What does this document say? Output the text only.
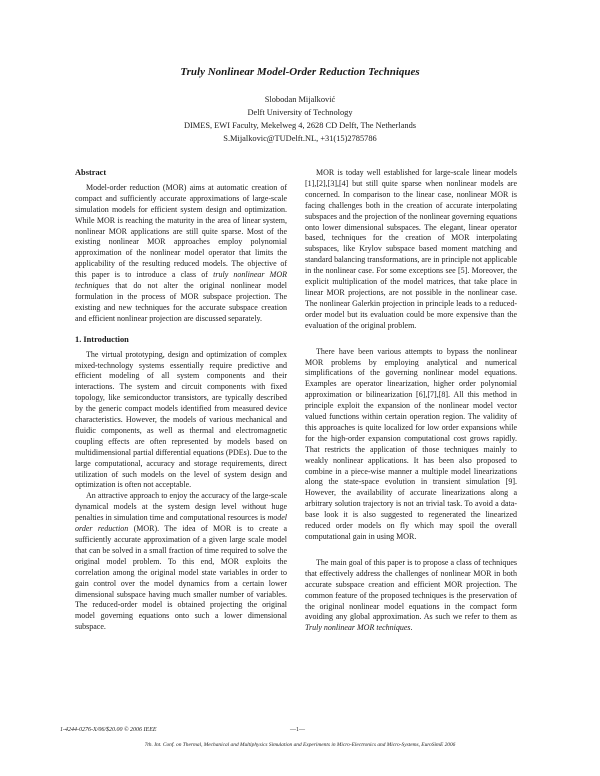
Truly Nonlinear Model-Order Reduction Techniques
Slobodan Mijalković
Delft University of Technology
DIMES, EWI Faculty, Mekelweg 4, 2628 CD Delft, The Netherlands
S.Mijalkovic@TUDelft.NL, +31(15)2785786
Abstract

Model-order reduction (MOR) aims at automatic creation of compact and sufficiently accurate approximations of large-scale simulation models for efficient system design and optimization. While MOR is reaching the maturity in the area of linear system, nonlinear MOR applications are still quite sparse. Most of the existing nonlinear MOR approaches employ polynomial approximation of the nonlinear model operator that limits the applicability of the resulting reduced models. The objective of this paper is to introduce a class of truly nonlinear MOR techniques that do not alter the original nonlinear model formulation in the process of MOR subspace projection. The existing and new techniques for the accurate subspace creation and efficient nonlinear projection are discussed separately.

1. Introduction

The virtual prototyping, design and optimization of complex mixed-technology systems essentially require predictive and efficient modeling of all system components and their interactions. The system and circuit components with fixed topology, like semiconductor transistors, are typically described by the generic compact models identified from measured device characteristics. However, the models of various mechanical and fluidic components, as well as thermal and electromagnetic coupling effects are often represented by models based on multidimensional partial differential equations (PDEs). Due to the large computational, accuracy and storage requirements, direct utilization of such models on the level of system design and optimization is often not acceptable.

An attractive approach to enjoy the accuracy of the large-scale dynamical models at the system design level without huge penalties in simulation time and computational resources is model order reduction (MOR). The idea of MOR is to create a sufficiently accurate approximation of a given large scale model that can be solved in a small fraction of time required to solve the original model problem. To this end, MOR exploits the correlation among the original model state variables in order to gain control over the model dynamics from a certain lower dimensional subspace having much smaller number of variables. The reduced-order model is obtained projecting the original model governing equations onto such a lower dimensional subspace.

MOR is today well established for large-scale linear models [1],[2],[3],[4] but still quite sparse when nonlinear models are concerned. In comparison to the linear case, nonlinear MOR is facing challenges both in the creation of accurate interpolating subspaces and the projection of the nonlinear governing equations onto lower dimensional subspaces. The elegant, linear operator based, techniques for the creation of MOR interpolating subspaces, like Krylov subspace based moment matching and standard balancing transformations, are in principle not applicable in the nonlinear case. For some exceptions see [5]. Moreover, the explicit multiplication of the model matrices, that take place in linear MOR projections, are not possible in the nonlinear case. The nonlinear Galerkin projection in principle leads to a reduced-order model but its evaluation could be more expensive than the evaluation of the original problem.

There have been various attempts to bypass the nonlinear MOR problems by employing analytical and numerical simplifications of the governing nonlinear model equations. Examples are operator linearization, higher order polynomial approximation or bilinearization [6],[7],[8]. All this method in principle exploit the expansion of the nonlinear model vector valued functions within certain operation region. The validity of this approaches is quite localized for low order expansions while for the high-order expansion computational cost grows rapidly. That restricts the application of those techniques mainly to weakly nonlinear applications. It has been also proposed to combine in a piece-wise manner a multiple model linearizations along the state-space evolution in transient simulation [9]. However, the availability of accurate linearizations along a arbitrary solution trajectory is not an trivial task. To avoid a data-base look it is also suggested to regenerated the linearized reduced order models on fly which may spoil the overall computational gain in using MOR.

The main goal of this paper is to propose a class of techniques that effectively address the challenges of nonlinear MOR in both accurate subspace creation and efficient MOR projection. The common feature of the proposed techniques is the preservation of the original nonlinear model equations in the compact form avoiding any global approximation. As such we refer to them as Truly nonlinear MOR techniques.

1-4244-0276-X/06/$20.00 © 2006 IEEE	—1—
7th. Int. Conf. on Thermal, Mechanical and Multiphysics Simulation and Experiments in Micro-Electronics and Micro-Systems, EuroSimE 2006
